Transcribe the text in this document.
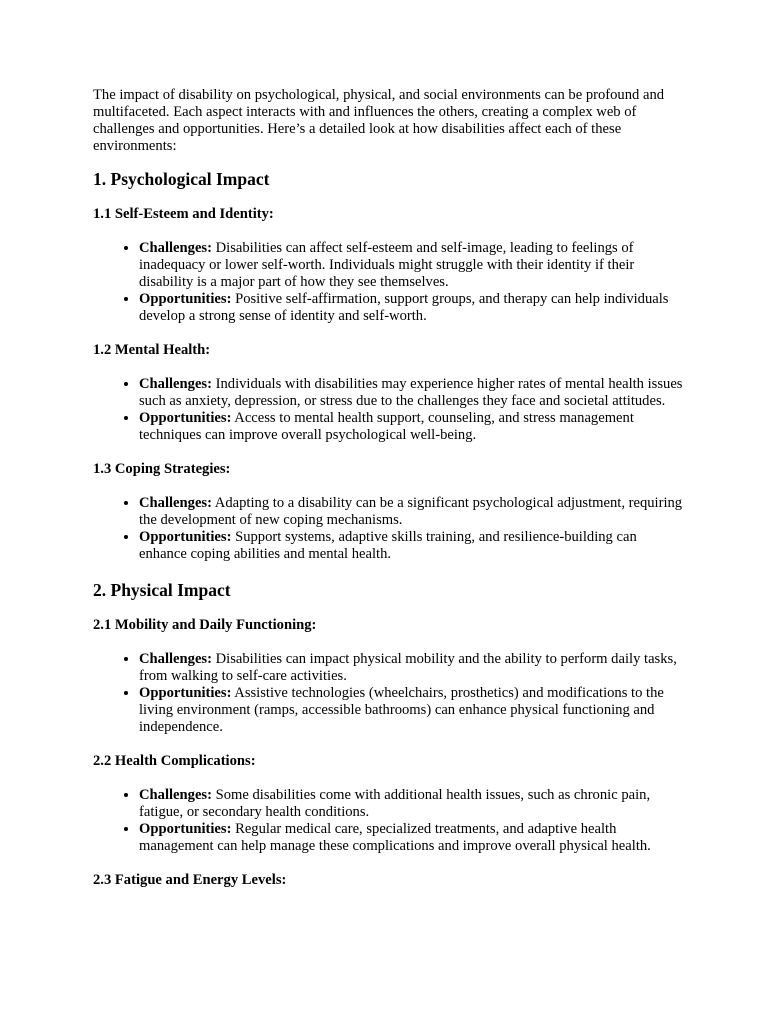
The impact of disability on psychological, physical, and social environments can be profound and multifaceted. Each aspect interacts with and influences the others, creating a complex web of challenges and opportunities. Here’s a detailed look at how disabilities affect each of these environments:

1. Psychological Impact
1.1 Self-Esteem and Identity:
• Challenges: Disabilities can affect self-esteem and self-image, leading to feelings of inadequacy or lower self-worth. Individuals might struggle with their identity if their disability is a major part of how they see themselves.
• Opportunities: Positive self-affirmation, support groups, and therapy can help individuals develop a strong sense of identity and self-worth.
1.2 Mental Health:
• Challenges: Individuals with disabilities may experience higher rates of mental health issues such as anxiety, depression, or stress due to the challenges they face and societal attitudes.
• Opportunities: Access to mental health support, counseling, and stress management techniques can improve overall psychological well-being.
1.3 Coping Strategies:
• Challenges: Adapting to a disability can be a significant psychological adjustment, requiring the development of new coping mechanisms.
• Opportunities: Support systems, adaptive skills training, and resilience-building can enhance coping abilities and mental health.
2. Physical Impact
2.1 Mobility and Daily Functioning:
• Challenges: Disabilities can impact physical mobility and the ability to perform daily tasks, from walking to self-care activities.
• Opportunities: Assistive technologies (wheelchairs, prosthetics) and modifications to the living environment (ramps, accessible bathrooms) can enhance physical functioning and independence.
2.2 Health Complications:
• Challenges: Some disabilities come with additional health issues, such as chronic pain, fatigue, or secondary health conditions.
• Opportunities: Regular medical care, specialized treatments, and adaptive health management can help manage these complications and improve overall physical health.
2.3 Fatigue and Energy Levels:
